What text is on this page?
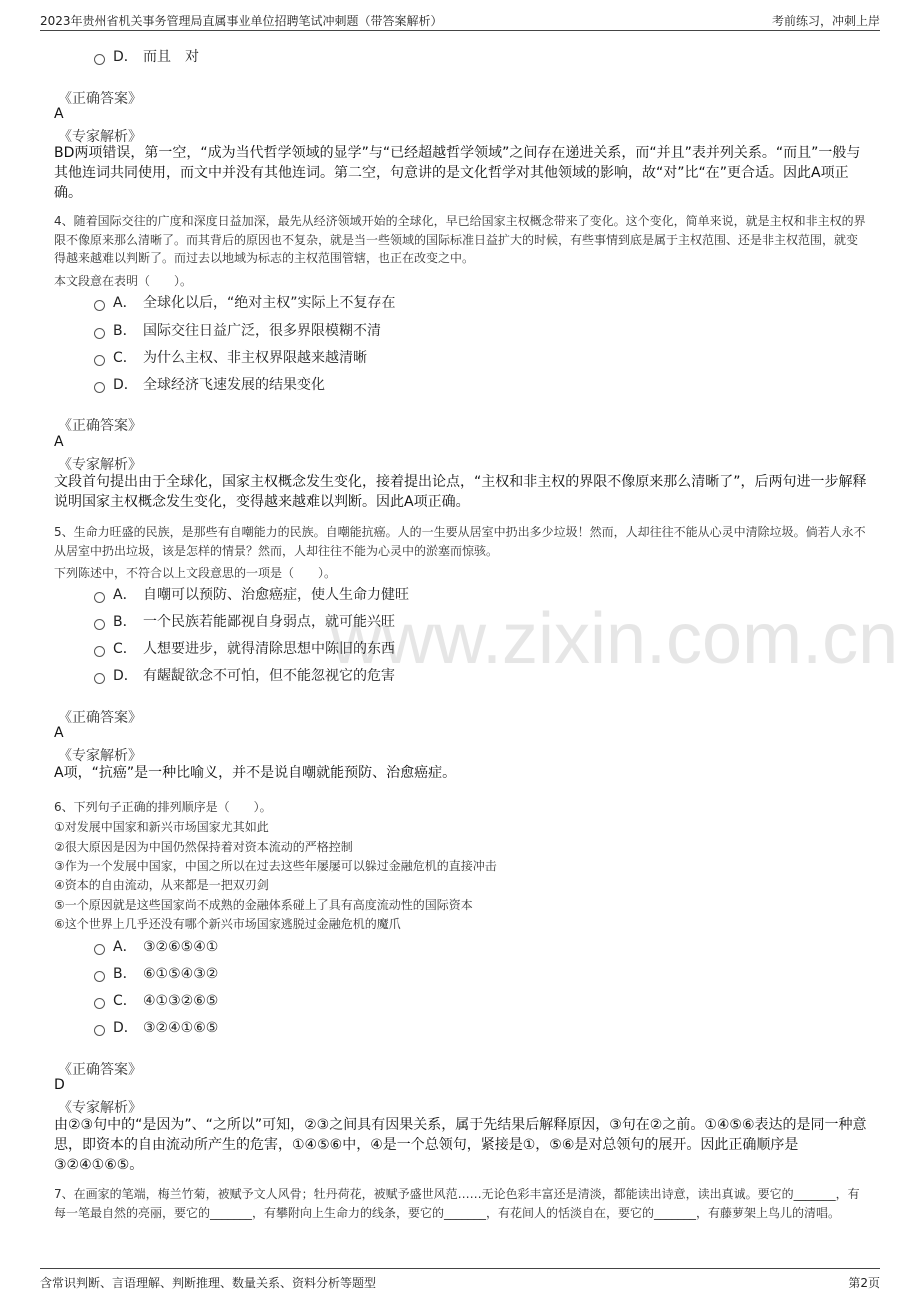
www.zixin.com.cn
2023年贵州省机关事务管理局直属事业单位招聘笔试冲刺题（带答案解析）	考前练习，冲刺上岸
D． 而且　对
《正确答案》
A
《专家解析》
BD两项错误，第一空，“成为当代哲学领域的显学”与“已经超越哲学领域”之间存在递进关系，而“并且”表并列关系。“而且”一般与其他连词共同使用，而文中并没有其他连词。第二空，句意讲的是文化哲学对其他领域的影响，故“对”比“在”更合适。因此A项正确。
4、随着国际交往的广度和深度日益加深，最先从经济领域开始的全球化，早已给国家主权概念带来了变化。这个变化，简单来说，就是主权和非主权的界限不像原来那么清晰了。而其背后的原因也不复杂，就是当一些领域的国际标准日益扩大的时候，有些事情到底是属于主权范围、还是非主权范围，就变得越来越难以判断了。而过去以地域为标志的主权范围管辖，也正在改变之中。
本文段意在表明（　　）。
A． 全球化以后，“绝对主权”实际上不复存在
B． 国际交往日益广泛，很多界限模糊不清
C． 为什么主权、非主权界限越来越清晰
D． 全球经济飞速发展的结果变化
《正确答案》
A
《专家解析》
文段首句提出由于全球化，国家主权概念发生变化，接着提出论点，“主权和非主权的界限不像原来那么清晰了”，后两句进一步解释说明国家主权概念发生变化，变得越来越难以判断。因此A项正确。
5、生命力旺盛的民族，是那些有自嘲能力的民族。自嘲能抗癌。人的一生要从居室中扔出多少垃圾！然而，人却往往不能从心灵中清除垃圾。倘若人永不从居室中扔出垃圾，该是怎样的情景？然而，人却往往不能为心灵中的淤塞而惊骇。
下列陈述中，不符合以上文段意思的一项是（　　）。
A． 自嘲可以预防、治愈癌症，使人生命力健旺
B． 一个民族若能鄙视自身弱点，就可能兴旺
C． 人想要进步，就得清除思想中陈旧的东西
D． 有龌龊欲念不可怕，但不能忽视它的危害
《正确答案》
A
《专家解析》
A项，“抗癌”是一种比喻义，并不是说自嘲就能预防、治愈癌症。
6、下列句子正确的排列顺序是（　　）。
①对发展中国家和新兴市场国家尤其如此
②很大原因是因为中国仍然保持着对资本流动的严格控制
③作为一个发展中国家，中国之所以在过去这些年屡屡可以躲过金融危机的直接冲击
④资本的自由流动，从来都是一把双刃剑
⑤一个原因就是这些国家尚不成熟的金融体系碰上了具有高度流动性的国际资本
⑥这个世界上几乎还没有哪个新兴市场国家逃脱过金融危机的魔爪
A． ③②⑥⑤④①
B． ⑥①⑤④③②
C． ④①③②⑥⑤
D． ③②④①⑥⑤
《正确答案》
D
《专家解析》
由②③句中的“是因为”、“之所以”可知，②③之间具有因果关系，属于先结果后解释原因，③句在②之前。①④⑤⑥表达的是同一种意思，即资本的自由流动所产生的危害，①④⑤⑥中，④是一个总领句，紧接是①，⑤⑥是对总领句的展开。因此正确顺序是③②④①⑥⑤。
7、在画家的笔端，梅兰竹菊，被赋予文人风骨；牡丹荷花，被赋予盛世风范……无论色彩丰富还是清淡，都能读出诗意，读出真诚。要它的_______，有每一笔最自然的亮丽，要它的_______，有攀附向上生命力的线条，要它的_______，有花间人的恬淡自在，要它的_______，有藤萝架上鸟儿的清唱。
含常识判断、言语理解、判断推理、数量关系、资料分析等题型	第2页
